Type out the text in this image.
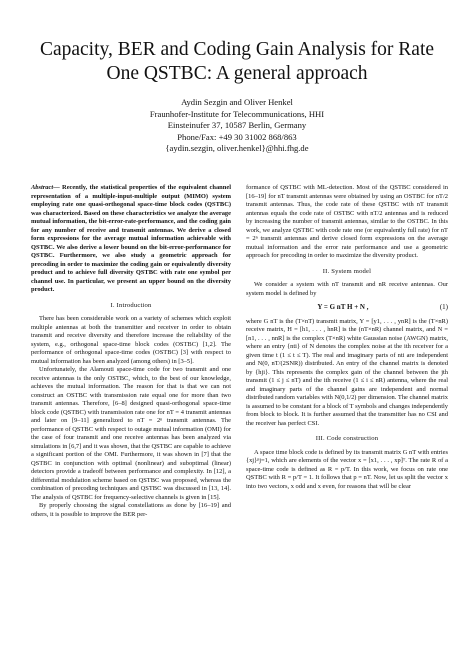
Capacity, BER and Coding Gain Analysis for Rate
One QSTBC: A general approach
Aydin Sezgin and Oliver Henkel
Fraunhofer-Institute for Telecommunications, HHI
Einsteinufer 37, 10587 Berlin, Germany
Phone/Fax: +49 30 31002 868/863
{aydin.sezgin, oliver.henkel}@hhi.fhg.de

Abstract— Recently, the statistical properties of the equivalent channel representation of a multiple-input-multiple output (MIMO) system employing rate one quasi-orthogonal space-time block codes (QSTBC) was characterized. Based on these characteristics we analyze the average mutual information, the bit-error-rate-performance, and the coding gain for any number of receive and transmit antennas. We derive a closed form expressions for the average mutual information achievable with QSTBC. We also derive a lower bound on the bit-error-performance for QSTBC. Furthermore, we also study a geometric approach for precoding in order to maximize the coding gain or equivalently diversity product and to achieve full diversity QSTBC with rate one symbol per channel use. In particular, we present an upper bound on the diversity product.

I. Introduction

There has been considerable work on a variety of schemes which exploit multiple antennas at both the transmitter and receiver in order to obtain transmit and receive diversity and therefore increase the reliability of the system, e.g., orthogonal space-time block codes (OSTBC) [1,2]. The performance of orthogonal space-time codes (OSTBC) [3] with respect to mutual information has been analyzed (among others) in [3–5].

Unfortunately, the Alamouti space-time code for two transmit and one receive antennas is the only OSTBC, which, to the best of our knowledge, achieves the mutual information. The reason for that is that we can not construct an OSTBC with transmission rate equal one for more than two transmit antennas. Therefore, [6–8] designed quasi-orthogonal space-time block code (QSTBC) with transmission rate one for nT = 4 transmit antennas and later on [9–11] generalized to nT = 2ⁿ transmit antennas. The performance of QSTBC with respect to outage mutual information (OMI) for the case of four transmit and one receive antennas has been analyzed via simulations in [6,7] and it was shown, that the QSTBC are capable to achieve a significant portion of the OMI. Furthermore, it was shown in [7] that the QSTBC in conjunction with optimal (nonlinear) and suboptimal (linear) detectors provide a tradeoff between performance and complexity. In [12], a differential modulation scheme based on QSTBC was proposed, whereas the combination of precoding techniques and QSTBC was discussed in [13, 14]. The analysis of QSTBC for frequency-selective channels is given in [15].

By properly choosing the signal constellations as done by [16–19] and others, it is possible to improve the BER per-

formance of QSTBC with ML-detection. Most of the QSTBC considered in [16–19] for nT transmit antennas were obtained by using an OSTBC for nT/2 transmit antennas. Thus, the code rate of these QSTBC with nT transmit antennas equals the code rate of OSTBC with nT/2 antennas and is reduced by increasing the number of transmit antennas, similar to the OSTBC. In this work, we analyze QSTBC with code rate one (or equivalently full rate) for nT = 2ⁿ transmit antennas and derive closed form expressions on the average mutual information and the error rate performance and use a geometric approach for precoding in order to maximize the diversity product.

II. System model

We consider a system with nT transmit and nR receive antennas. Our system model is defined by

Y = G nT H + N ,	(1)

where G nT is the (T×nT) transmit matrix, Y = [y1, . . . , ynR] is the (T×nR) receive matrix, H = [h1, . . . , hnR] is the (nT×nR) channel matrix, and N = [n1, . . . , nnR] is the complex (T×nR) white Gaussian noise (AWGN) matrix, where an entry {nti} of N denotes the complex noise at the ith receiver for a given time t (1 ≤ t ≤ T). The real and imaginary parts of nti are independent and N(0, nT/(2SNR)) distributed. An entry of the channel matrix is denoted by {hji}. This represents the complex gain of the channel between the jth transmit (1 ≤ j ≤ nT) and the ith receive (1 ≤ i ≤ nR) antenna, where the real and imaginary parts of the channel gains are independent and normal distributed random variables with N(0,1/2) per dimension. The channel matrix is assumed to be constant for a block of T symbols and changes independently from block to block. It is further assumed that the transmitter has no CSI and the receiver has perfect CSI.

III. Code construction

A space time block code is defined by its transmit matrix G nT with entries {xj}ᵖj=1, which are elements of the vector x = [x1, . . . , xp]ᵀ. The rate R of a space-time code is defined as R = p/T. In this work, we focus on rate one QSTBC with R = p/T = 1. It follows that p = nT. Now, let us split the vector x into two vectors, x odd and x even, for reasons that will be clear
